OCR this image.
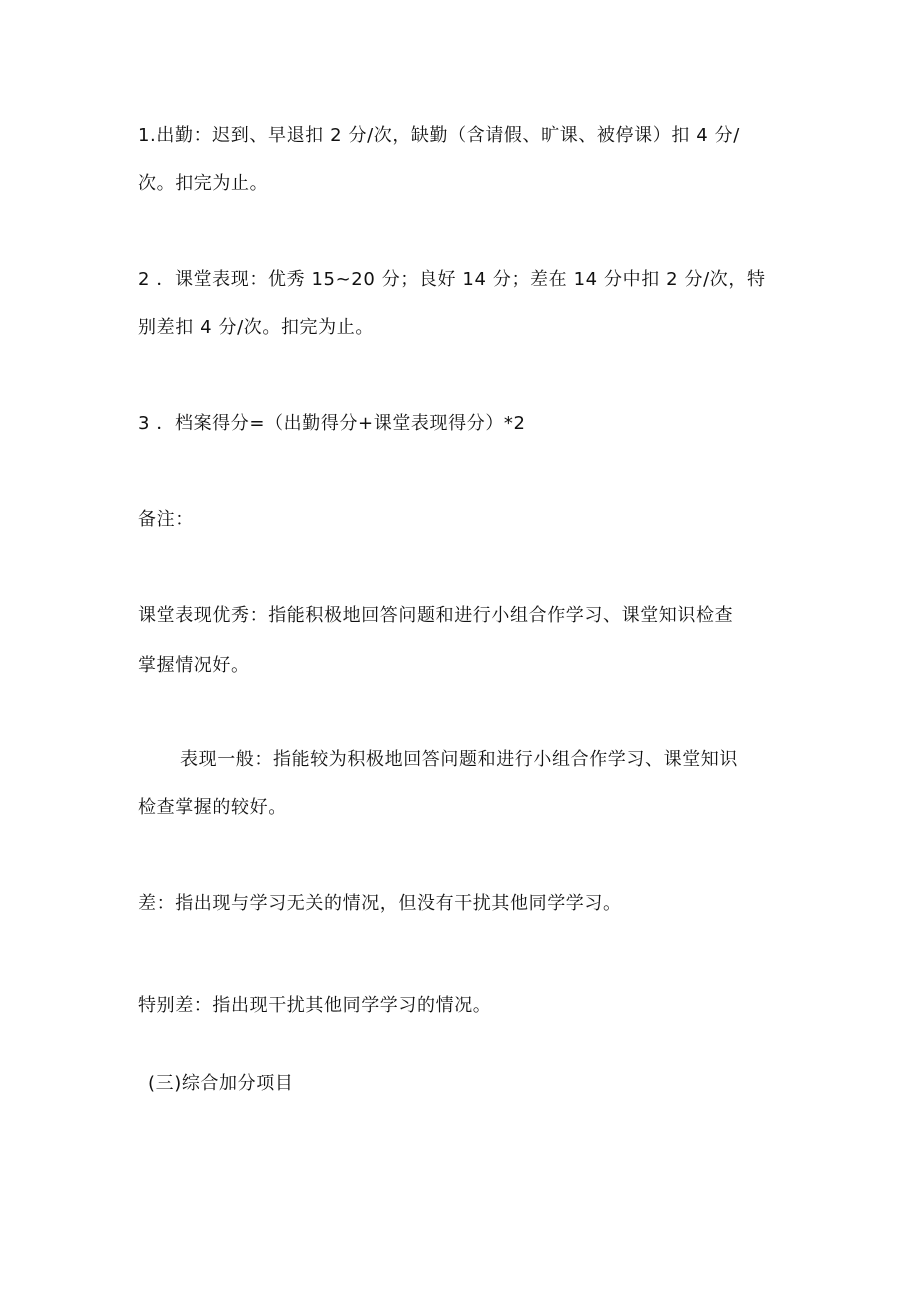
1.出勤：迟到、早退扣 2 分/次，缺勤（含请假、旷课、被停课）扣 4 分/
次。扣完为止。
2 ．课堂表现：优秀 15~20 分；良好 14 分；差在 14 分中扣 2 分/次，特
别差扣 4 分/次。扣完为止。
3 ．档案得分=（出勤得分+课堂表现得分）*2
备注：
课堂表现优秀：指能积极地回答问题和进行小组合作学习、课堂知识检查
掌握情况好。
表现一般：指能较为积极地回答问题和进行小组合作学习、课堂知识
检查掌握的较好。
差：指出现与学习无关的情况，但没有干扰其他同学学习。
特别差：指出现干扰其他同学学习的情况。
(三)综合加分项目
